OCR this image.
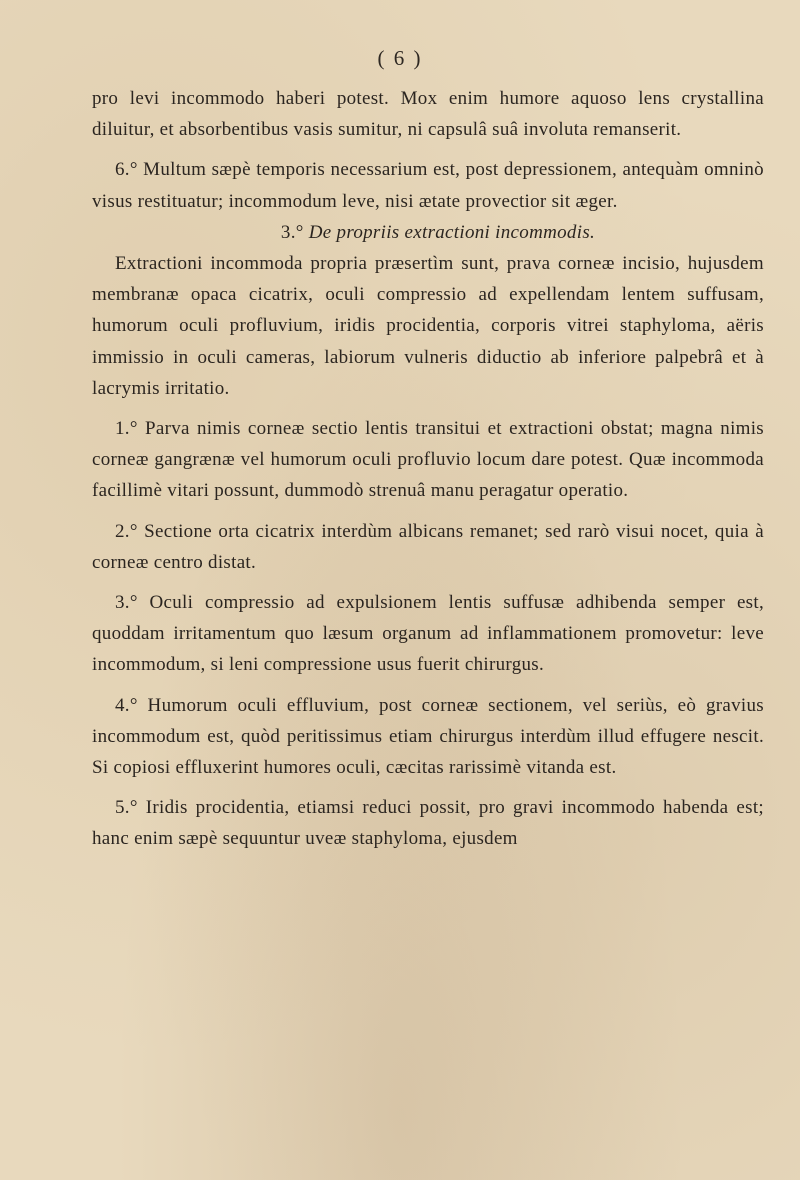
( 6 )

pro levi incommodo haberi potest. Mox enim humore aquoso lens crystallina diluitur, et absorbentibus vasis sumitur, ni capsulâ suâ involuta remanserit.

6.° Multum sæpè temporis necessarium est, post depressionem, antequàm omninò visus restituatur; incommodum leve, nisi ætate provectior sit æger.

3.° De propriis extractioni incommodis.

Extractioni incommoda propria præsertìm sunt, prava corneæ incisio, hujusdem membranæ opaca cicatrix, oculi compressio ad expellendam lentem suffusam, humorum oculi profluvium, iridis procidentia, corporis vitrei staphyloma, aëris immissio in oculi cameras, labiorum vulneris diductio ab inferiore palpebrâ et à lacrymis irritatio.

1.° Parva nimis corneæ sectio lentis transitui et extractioni obstat; magna nimis corneæ gangrænæ vel humorum oculi profluvio locum dare potest. Quæ incommoda facillimè vitari possunt, dummodò strenuâ manu peragatur operatio.

2.° Sectione orta cicatrix interdùm albicans remanet; sed rarò visui nocet, quia à corneæ centro distat.

3.° Oculi compressio ad expulsionem lentis suffusæ adhibenda semper est, quoddam irritamentum quo læsum organum ad inflammationem promovetur: leve incommodum, si leni compressione usus fuerit chirurgus.

4.° Humorum oculi effluvium, post corneæ sectionem, vel seriùs, eò gravius incommodum est, quòd peritissimus etiam chirurgus interdùm illud effugere nescit. Si copiosi effluxerint humores oculi, cæcitas rarissimè vitanda est.

5.° Iridis procidentia, etiamsi reduci possit, pro gravi incommodo habenda est; hanc enim sæpè sequuntur uveæ staphyloma, ejusdem
